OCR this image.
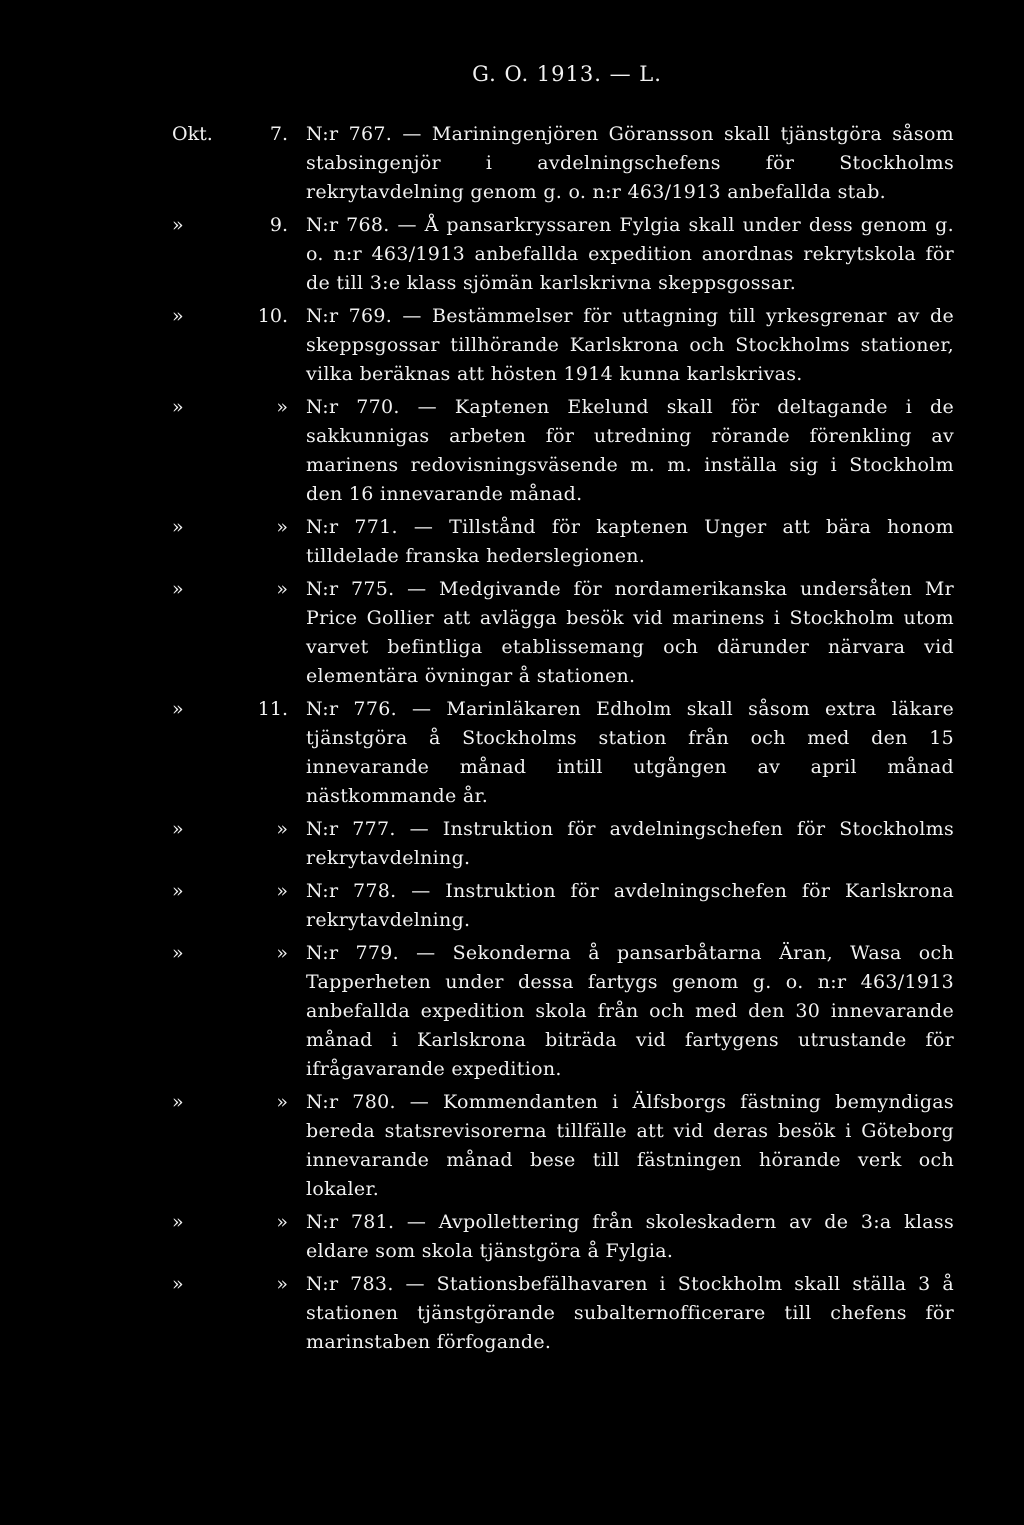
G. O. 1913. — L.
Okt.	7. N:r 767. — Mariningenjören Göransson skall tjänstgöra såsom stabsingenjör i avdelningschefens för Stockholms rekrytavdelning genom g. o. n:r 463/1913 anbefallda stab.
»	9. N:r 768. — Å pansarkryssaren Fylgia skall under dess genom g. o. n:r 463/1913 anbefallda expedition anordnas rekrytskola för de till 3:e klass sjömän karlskrivna skeppsgossar.
»	10. N:r 769. — Bestämmelser för uttagning till yrkesgrenar av de skeppsgossar tillhörande Karlskrona och Stockholms stationer, vilka beräknas att hösten 1914 kunna karlskrivas.
»	» N:r 770. — Kaptenen Ekelund skall för deltagande i de sakkunnigas arbeten för utredning rörande förenkling av marinens redovisningsväsende m. m. inställa sig i Stockholm den 16 innevarande månad.
»	» N:r 771. — Tillstånd för kaptenen Unger att bära honom tilldelade franska hederslegionen.
»	» N:r 775. — Medgivande för nordamerikanska undersåten Mr Price Gollier att avlägga besök vid marinens i Stockholm utom varvet befintliga etablissemang och därunder närvara vid elementära övningar å stationen.
»	11. N:r 776. — Marinläkaren Edholm skall såsom extra läkare tjänstgöra å Stockholms station från och med den 15 innevarande månad intill utgången av april månad nästkommande år.
»	» N:r 777. — Instruktion för avdelningschefen för Stockholms rekrytavdelning.
»	» N:r 778. — Instruktion för avdelningschefen för Karlskrona rekrytavdelning.
»	» N:r 779. — Sekonderna å pansarbåtarna Äran, Wasa och Tapperheten under dessa fartygs genom g. o. n:r 463/1913 anbefallda expedition skola från och med den 30 innevarande månad i Karlskrona biträda vid fartygens utrustande för ifrågavarande expedition.
»	» N:r 780. — Kommendanten i Älfsborgs fästning bemyndigas bereda statsrevisorerna tillfälle att vid deras besök i Göteborg innevarande månad bese till fästningen hörande verk och lokaler.
»	» N:r 781. — Avpollettering från skoleskadern av de 3:a klass eldare som skola tjänstgöra å Fylgia.
»	» N:r 783. — Stationsbefälhavaren i Stockholm skall ställa 3 å stationen tjänstgörande subalternofficerare till chefens för marinstaben förfogande.
